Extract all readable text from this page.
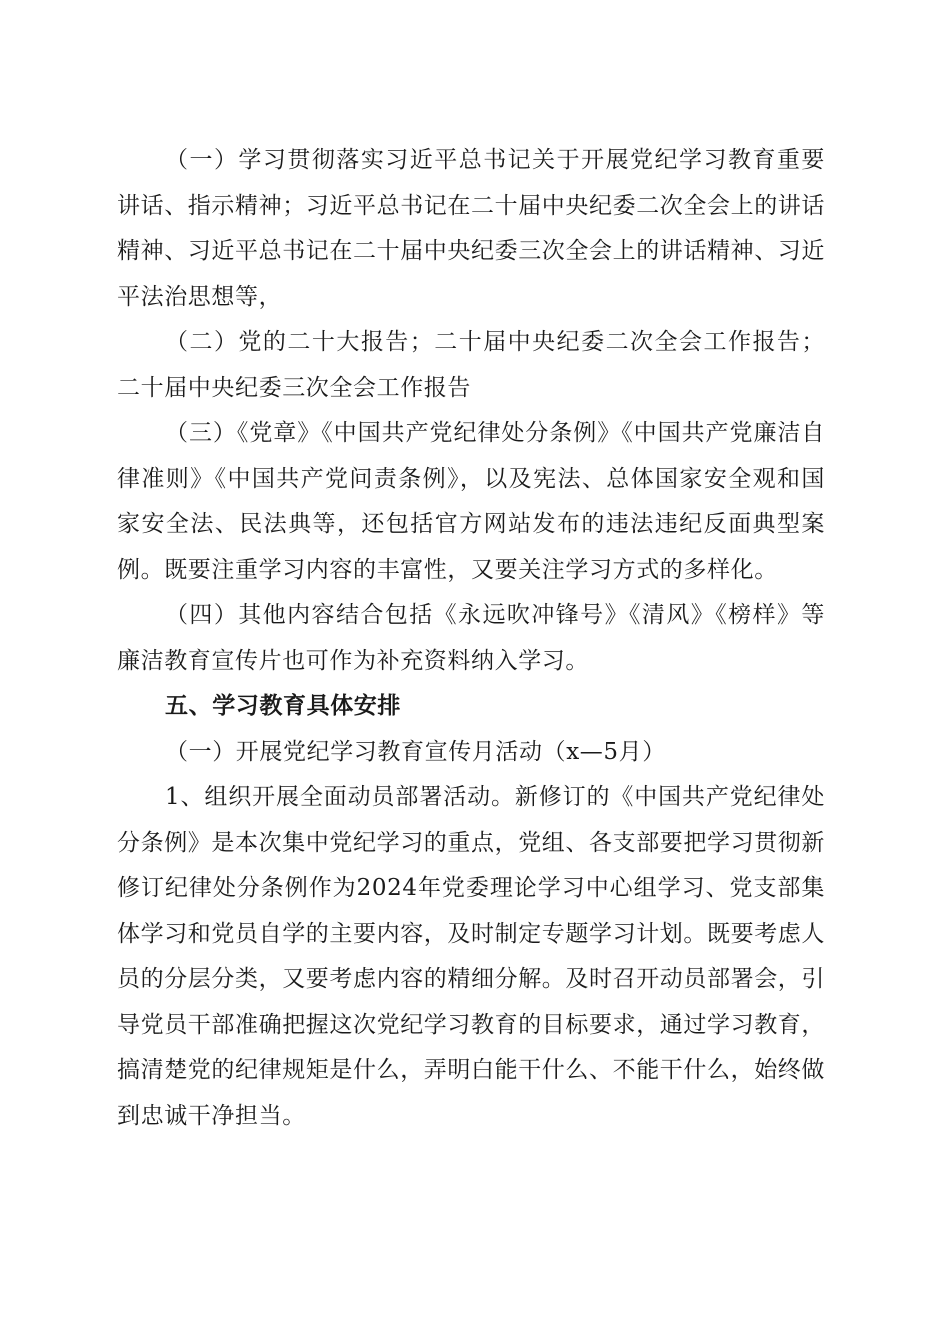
（一）学习贯彻落实习近平总书记关于开展党纪学习教育重要讲话、指示精神；习近平总书记在二十届中央纪委二次全会上的讲话精神、习近平总书记在二十届中央纪委三次全会上的讲话精神、习近平法治思想等，

（二）党的二十大报告；二十届中央纪委二次全会工作报告；二十届中央纪委三次全会工作报告

（三）《党章》《中国共产党纪律处分条例》《中国共产党廉洁自律准则》《中国共产党问责条例》，以及宪法、总体国家安全观和国家安全法、民法典等，还包括官方网站发布的违法违纪反面典型案例。既要注重学习内容的丰富性，又要关注学习方式的多样化。

（四）其他内容结合包括《永远吹冲锋号》《清风》《榜样》等廉洁教育宣传片也可作为补充资料纳入学习。

五、学习教育具体安排

（一）开展党纪学习教育宣传月活动（x—5月）

1、组织开展全面动员部署活动。新修订的《中国共产党纪律处分条例》是本次集中党纪学习的重点，党组、各支部要把学习贯彻新修订纪律处分条例作为2024年党委理论学习中心组学习、党支部集体学习和党员自学的主要内容，及时制定专题学习计划。既要考虑人员的分层分类，又要考虑内容的精细分解。及时召开动员部署会，引导党员干部准确把握这次党纪学习教育的目标要求，通过学习教育，搞清楚党的纪律规矩是什么，弄明白能干什么、不能干什么，始终做到忠诚干净担当。
